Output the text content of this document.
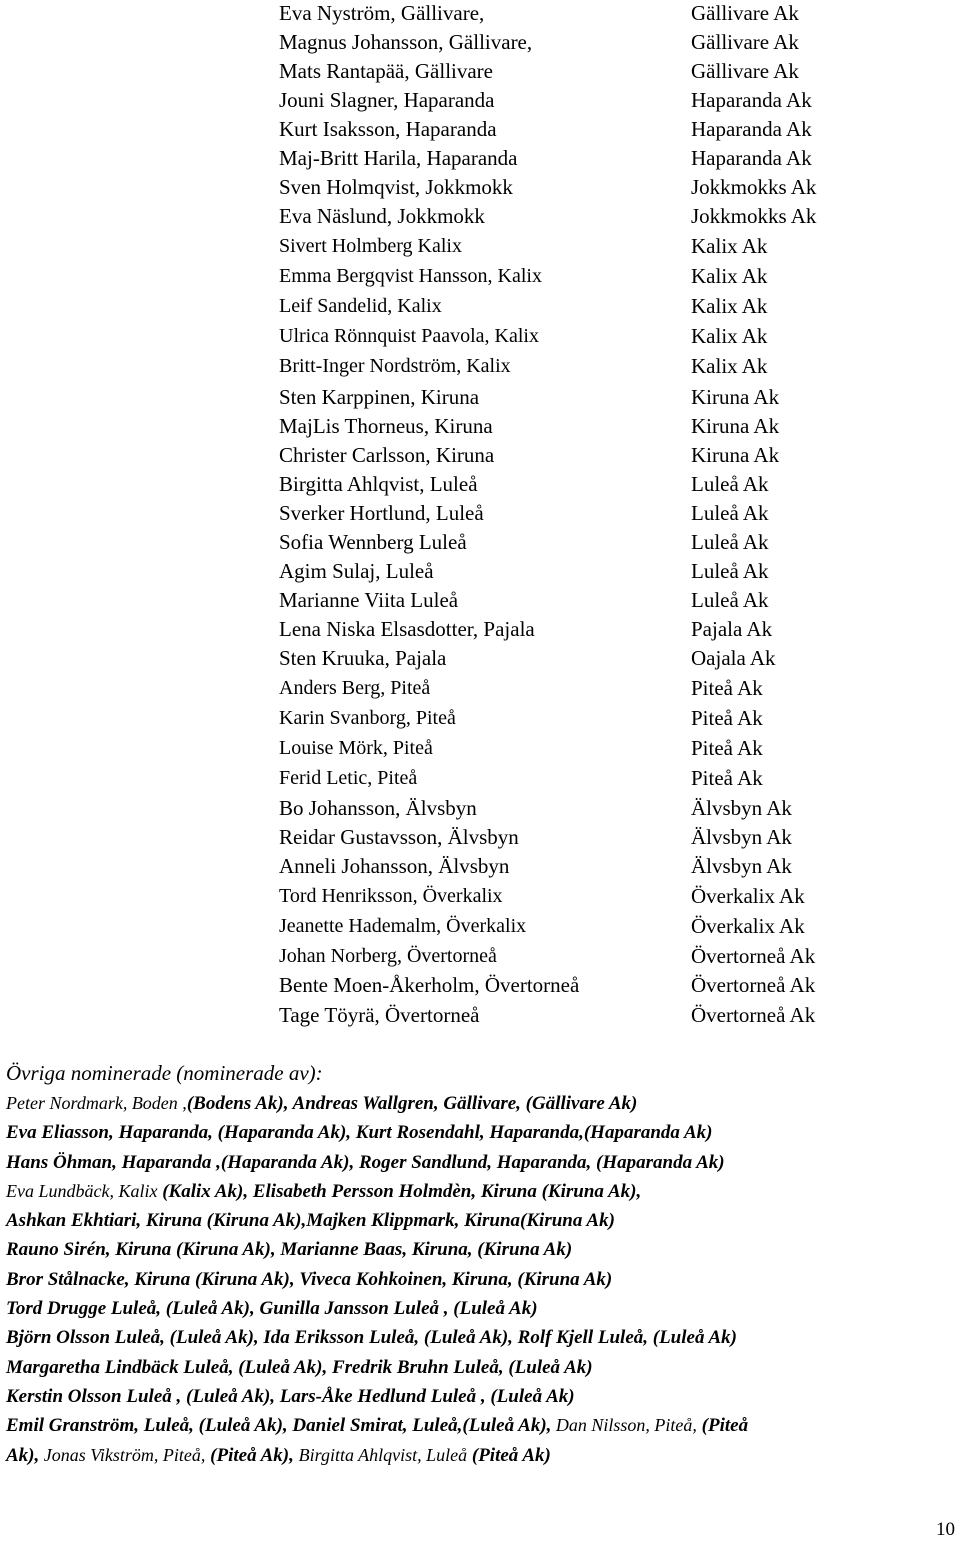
Eva Nyström, Gällivare,	Gällivare Ak
Magnus Johansson, Gällivare,	Gällivare Ak
Mats Rantapää, Gällivare	Gällivare Ak
Jouni Slagner, Haparanda	Haparanda Ak
Kurt Isaksson, Haparanda	Haparanda Ak
Maj-Britt Harila, Haparanda	Haparanda Ak
Sven Holmqvist, Jokkmokk	Jokkmokks Ak
Eva Näslund, Jokkmokk	Jokkmokks Ak
Sivert Holmberg Kalix	Kalix Ak
Emma Bergqvist Hansson, Kalix	Kalix Ak
Leif Sandelid, Kalix	Kalix Ak
Ulrica Rönnquist Paavola, Kalix	Kalix Ak
Britt-Inger Nordström, Kalix	Kalix Ak
Sten Karppinen, Kiruna	Kiruna Ak
MajLis Thorneus, Kiruna	Kiruna Ak
Christer Carlsson, Kiruna	Kiruna Ak
Birgitta Ahlqvist, Luleå	Luleå Ak
Sverker Hortlund, Luleå	Luleå Ak
Sofia Wennberg Luleå	Luleå Ak
Agim Sulaj, Luleå	Luleå Ak
Marianne Viita Luleå	Luleå Ak
Lena Niska Elsasdotter, Pajala	Pajala Ak
Sten Kruuka, Pajala	Oajala Ak
Anders Berg, Piteå	Piteå Ak
Karin Svanborg, Piteå	Piteå Ak
Louise Mörk, Piteå	Piteå Ak
Ferid Letic, Piteå	Piteå Ak
Bo Johansson, Älvsbyn	Älvsbyn Ak
Reidar Gustavsson, Älvsbyn	Älvsbyn Ak
Anneli Johansson, Älvsbyn	Älvsbyn Ak
Tord Henriksson, Överkalix	Överkalix Ak
Jeanette Hademalm, Överkalix	Överkalix Ak
Johan Norberg, Övertorneå	Övertorneå Ak
Bente Moen-Åkerholm, Övertorneå	Övertorneå Ak
Tage Töyrä, Övertorneå	Övertorneå Ak

Övriga nominerade (nominerade av):

Peter Nordmark, Boden ,(Bodens Ak), Andreas Wallgren, Gällivare, (Gällivare Ak)
Eva Eliasson, Haparanda, (Haparanda Ak), Kurt Rosendahl, Haparanda,(Haparanda Ak)
Hans Öhman, Haparanda ,(Haparanda Ak), Roger Sandlund, Haparanda, (Haparanda Ak)
Eva Lundbäck, Kalix (Kalix Ak), Elisabeth Persson Holmdèn, Kiruna (Kiruna Ak),
Ashkan Ekhtiari, Kiruna (Kiruna Ak),Majken Klippmark, Kiruna(Kiruna Ak)
Rauno Sirén, Kiruna (Kiruna Ak), Marianne Baas, Kiruna, (Kiruna Ak)
Bror Stålnacke, Kiruna (Kiruna Ak), Viveca Kohkoinen, Kiruna, (Kiruna Ak)
Tord Drugge Luleå, (Luleå Ak), Gunilla Jansson Luleå , (Luleå Ak)
Björn Olsson Luleå, (Luleå Ak), Ida Eriksson Luleå, (Luleå Ak), Rolf Kjell Luleå, (Luleå Ak)
Margaretha Lindbäck Luleå, (Luleå Ak), Fredrik Bruhn Luleå, (Luleå Ak)
Kerstin Olsson Luleå , (Luleå Ak), Lars-Åke Hedlund Luleå , (Luleå Ak)
Emil Granström, Luleå, (Luleå Ak), Daniel Smirat, Luleå,(Luleå Ak), Dan Nilsson, Piteå, (Piteå
Ak), Jonas Vikström, Piteå, (Piteå Ak), Birgitta Ahlqvist, Luleå (Piteå Ak)
10
